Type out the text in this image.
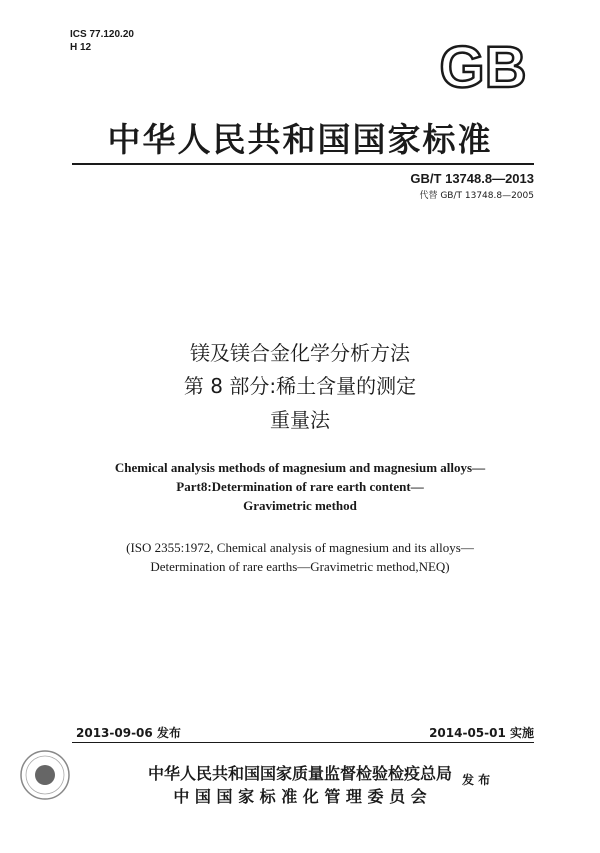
ICS 77.120.20
H 12	GB
中华人民共和国国家标准
GB/T 13748.8—2013
代替 GB/T 13748.8—2005
镁及镁合金化学分析方法
第 8 部分:稀土含量的测定
重量法
Chemical analysis methods of magnesium and magnesium alloys—
Part8:Determination of rare earth content—
Gravimetric method
(ISO 2355:1972, Chemical analysis of magnesium and its alloys—
Determination of rare earths—Gravimetric method,NEQ)
2013-09-06 发布	2014-05-01 实施
中华人民共和国国家质量监督检验检疫总局
中 国 国 家 标 准 化 管 理 委 员 会
发 布
